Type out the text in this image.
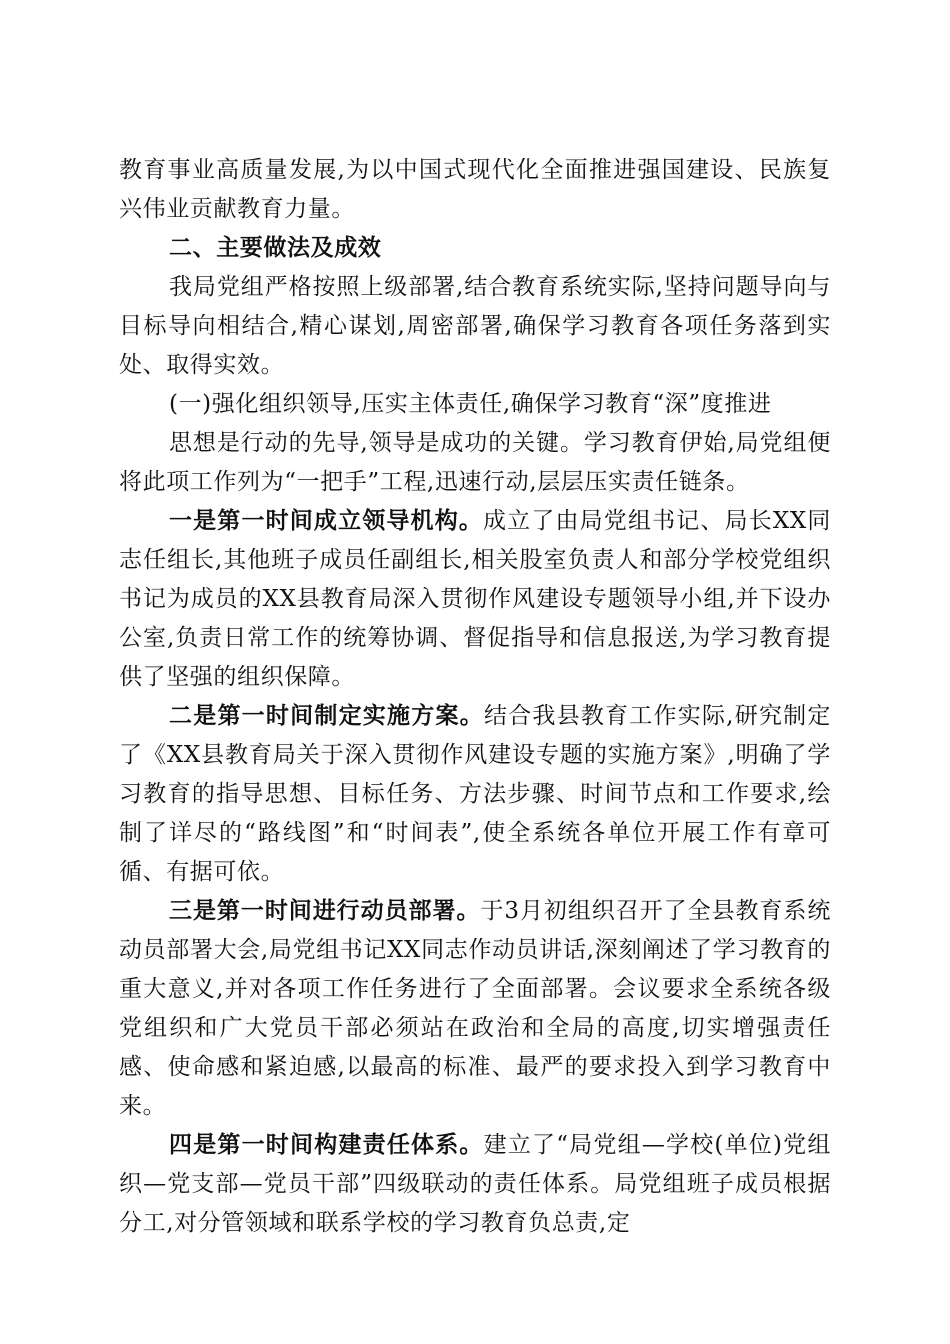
教育事业高质量发展,为以中国式现代化全面推进强国建设、民族复兴伟业贡献教育力量。

二、主要做法及成效

我局党组严格按照上级部署,结合教育系统实际,坚持问题导向与目标导向相结合,精心谋划,周密部署,确保学习教育各项任务落到实处、取得实效。

(一)强化组织领导,压实主体责任,确保学习教育“深”度推进

思想是行动的先导,领导是成功的关键。学习教育伊始,局党组便将此项工作列为“一把手”工程,迅速行动,层层压实责任链条。

一是第一时间成立领导机构。成立了由局党组书记、局长XX同志任组长,其他班子成员任副组长,相关股室负责人和部分学校党组织书记为成员的XX县教育局深入贯彻作风建设专题领导小组,并下设办公室,负责日常工作的统筹协调、督促指导和信息报送,为学习教育提供了坚强的组织保障。

二是第一时间制定实施方案。结合我县教育工作实际,研究制定了《XX县教育局关于深入贯彻作风建设专题的实施方案》,明确了学习教育的指导思想、目标任务、方法步骤、时间节点和工作要求,绘制了详尽的“路线图”和“时间表”,使全系统各单位开展工作有章可循、有据可依。

三是第一时间进行动员部署。于3月初组织召开了全县教育系统动员部署大会,局党组书记XX同志作动员讲话,深刻阐述了学习教育的重大意义,并对各项工作任务进行了全面部署。会议要求全系统各级党组织和广大党员干部必须站在政治和全局的高度,切实增强责任感、使命感和紧迫感,以最高的标准、最严的要求投入到学习教育中来。

四是第一时间构建责任体系。建立了“局党组—学校(单位)党组织—党支部—党员干部”四级联动的责任体系。局党组班子成员根据分工,对分管领域和联系学校的学习教育负总责,定
